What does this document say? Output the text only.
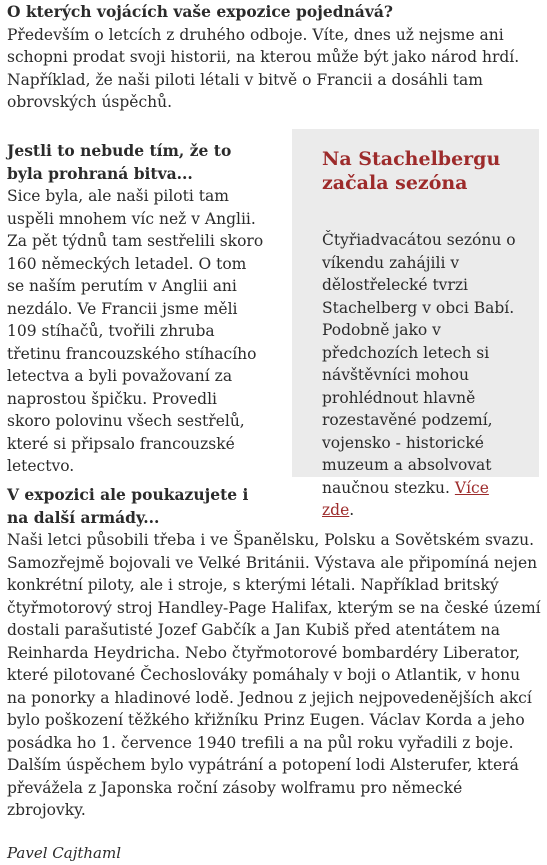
O kterých vojácích vaše expozice pojednává?

Především o letcích z druhého odboje. Víte, dnes už nejsme ani schopni prodat svoji historii, na kterou může být jako národ hrdí. Například, že naši piloti létali v bitvě o Francii a dosáhli tam obrovských úspěchů.

Jestli to nebude tím, že to byla prohraná bitva...

Sice byla, ale naši piloti tam uspěli mnohem víc než v Anglii. Za pět týdnů tam sestřelili skoro 160 německých letadel. O tom se naším perutím v Anglii ani nezdálo. Ve Francii jsme měli 109 stíhačů, tvořili zhruba třetinu francouzského stíhacího letectva a byli považovaní za naprostou špičku. Provedli skoro polovinu všech sestřelů, které si připsalo francouzské letectvo.

Na Stachelbergu začala sezóna

Čtyřiadvacátou sezónu o víkendu zahájili v dělostřelecké tvrzi Stachelberg v obci Babí. Podobně jako v předchozích letech si návštěvníci mohou prohlédnout hlavně rozestavěné podzemí, vojensko - historické muzeum a absolvovat naučnou stezku. Více zde.

V expozici ale poukazujete i na další armády...

Naši letci působili třeba i ve Španělsku, Polsku a Sovětském svazu. Samozřejmě bojovali ve Velké Británii. Výstava ale připomíná nejen konkrétní piloty, ale i stroje, s kterými létali. Například britský čtyřmotorový stroj Handley-Page Halifax, kterým se na české území dostali parašutisté Jozef Gabčík a Jan Kubiš před atentátem na Reinharda Heydricha. Nebo čtyřmotorové bombardéry Liberator, které pilotované Čechoslováky pomáhaly v boji o Atlantik, v honu na ponorky a hladinové lodě. Jednou z jejich nejpovedenějších akcí bylo poškození těžkého křižníku Prinz Eugen. Václav Korda a jeho posádka ho 1. července 1940 trefili a na půl roku vyřadili z boje. Dalším úspěchem bylo vypátrání a potopení lodi Alsterufer, která převážela z Japonska roční zásoby wolframu pro německé zbrojovky.

Pavel Cajthaml
